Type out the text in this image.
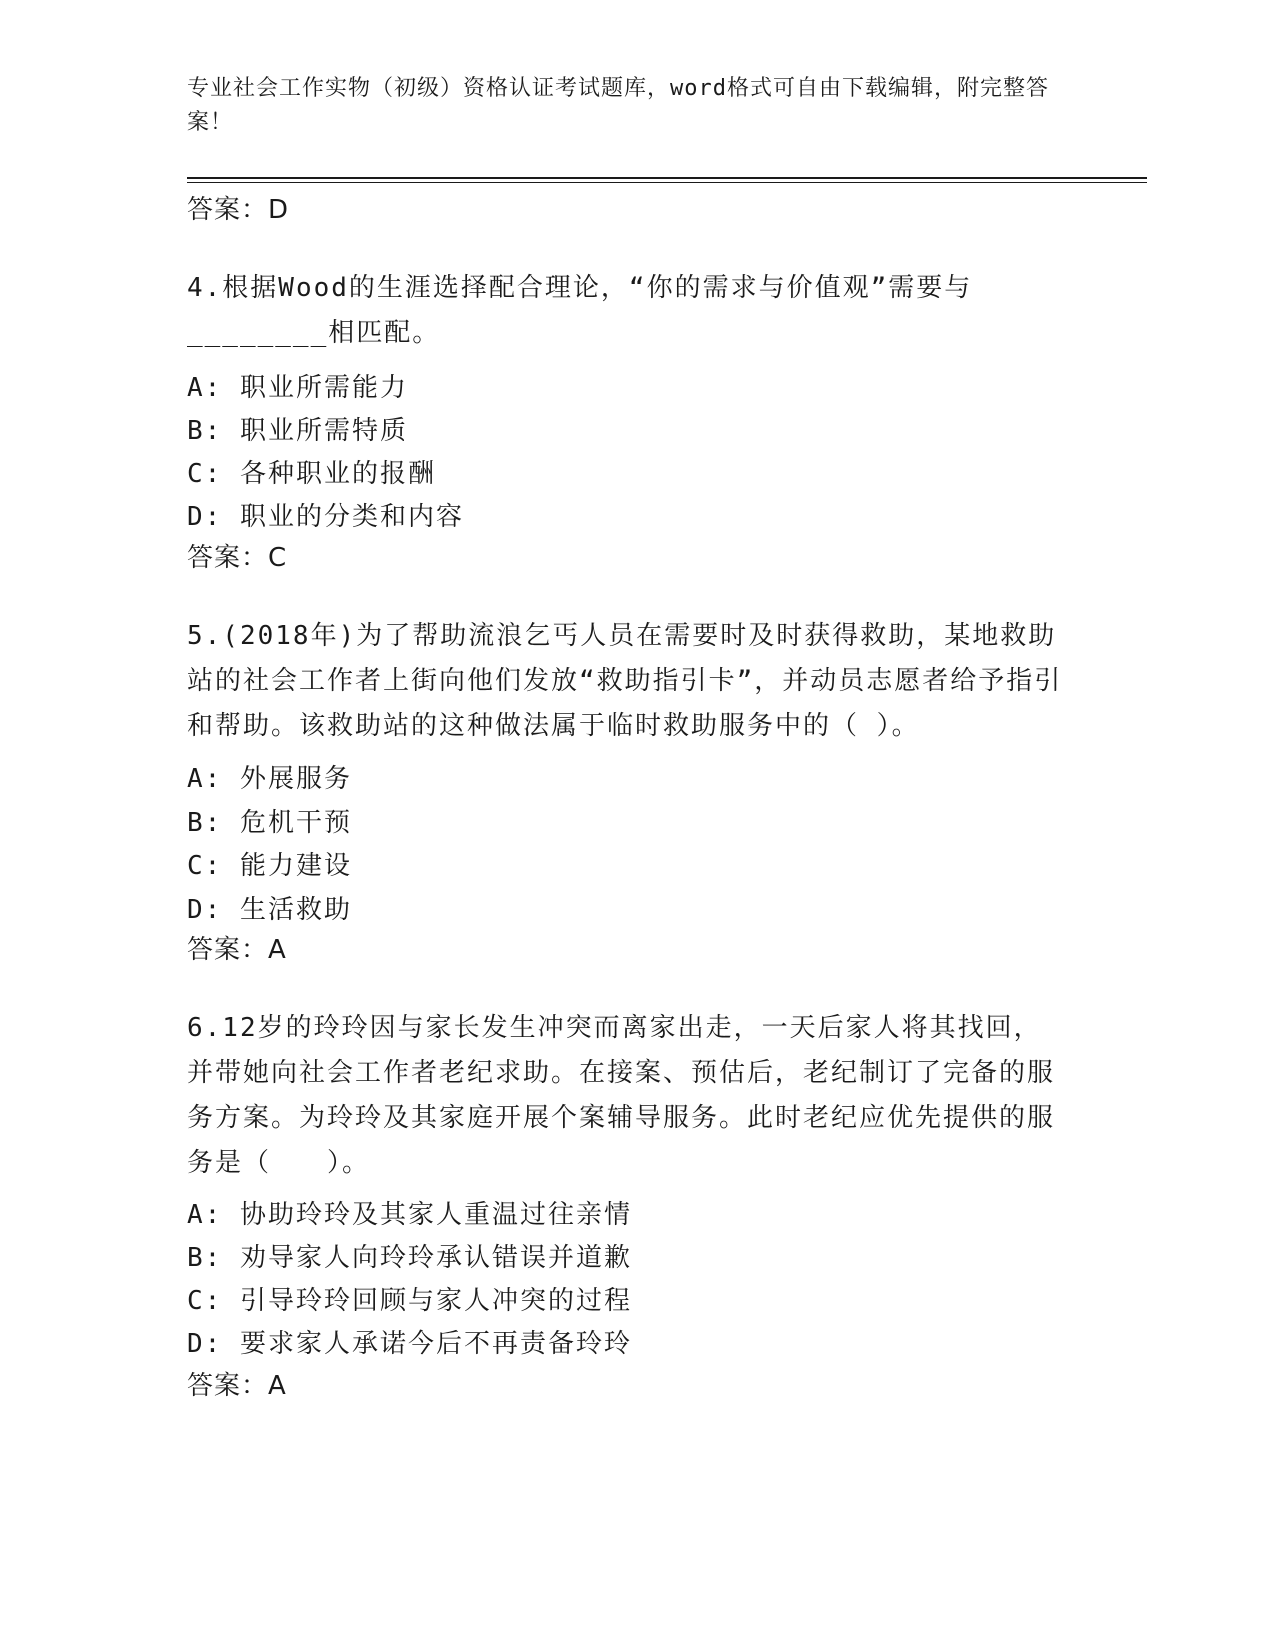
专业社会工作实物（初级）资格认证考试题库，word格式可自由下载编辑，附完整答案！
答案：D
4.根据Wood的生涯选择配合理论，“你的需求与价值观”需要与________相匹配。
A: 职业所需能力
B: 职业所需特质
C: 各种职业的报酬
D: 职业的分类和内容
答案：C
5.(2018年)为了帮助流浪乞丐人员在需要时及时获得救助，某地救助站的社会工作者上街向他们发放“救助指引卡”，并动员志愿者给予指引和帮助。该救助站的这种做法属于临时救助服务中的（ ）。
A: 外展服务
B: 危机干预
C: 能力建设
D: 生活救助
答案：A
6.12岁的玲玲因与家长发生冲突而离家出走，一天后家人将其找回，并带她向社会工作者老纪求助。在接案、预估后，老纪制订了完备的服务方案。为玲玲及其家庭开展个案辅导服务。此时老纪应优先提供的服务是（　　）。
A: 协助玲玲及其家人重温过往亲情
B: 劝导家人向玲玲承认错误并道歉
C: 引导玲玲回顾与家人冲突的过程
D: 要求家人承诺今后不再责备玲玲
答案：A
